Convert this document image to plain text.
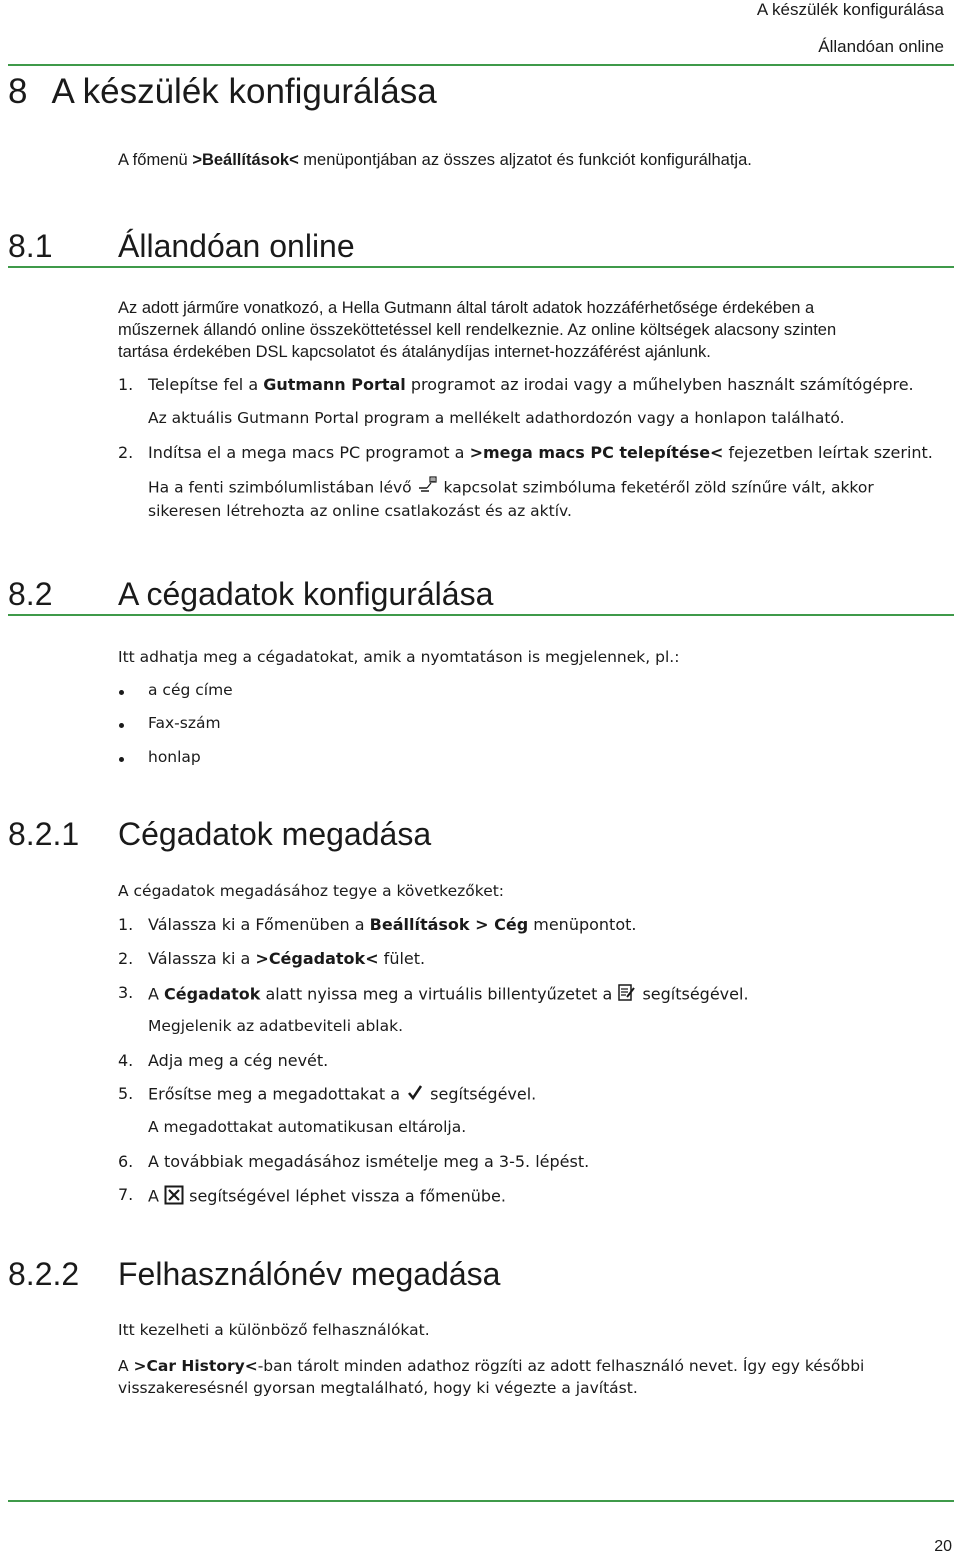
A készülék konfigurálása
Állandóan online
8 A készülék konfigurálása
A főmenü >Beállítások< menüpontjában az összes aljzatot és funkciót konfigurálhatja.
8.1 Állandóan online
Az adott járműre vonatkozó, a Hella Gutmann által tárolt adatok hozzáférhetősége érdekében a
műszernek állandó online összeköttetéssel kell rendelkeznie. Az online költségek alacsony szinten
tartása érdekében DSL kapcsolatot és átalánydíjas internet-hozzáférést ajánlunk.
1. Telepítse fel a Gutmann Portal programot az irodai vagy a műhelyben használt számítógépre.
Az aktuális Gutmann Portal program a mellékelt adathordozón vagy a honlapon található.
2. Indítsa el a mega macs PC programot a >mega macs PC telepítése< fejezetben leírtak szerint.
Ha a fenti szimbólumlistában lévő  kapcsolat szimbóluma feketéről zöld színűre vált, akkor
sikeresen létrehozta az online csatlakozást és az aktív.
8.2 A cégadatok konfigurálása
Itt adhatja meg a cégadatokat, amik a nyomtatáson is megjelennek, pl.:
a cég címe
Fax-szám
honlap
8.2.1 Cégadatok megadása
A cégadatok megadásához tegye a következőket:
1. Válassza ki a Főmenüben a Beállítások > Cég menüpontot.
2. Válassza ki a >Cégadatok< fület.
3. A Cégadatok alatt nyissa meg a virtuális billentyűzetet a  segítségével.
Megjelenik az adatbeviteli ablak.
4. Adja meg a cég nevét.
5. Erősítse meg a megadottakat a  segítségével.
A megadottakat automatikusan eltárolja.
6. A továbbiak megadásához ismételje meg a 3-5. lépést.
7. A  segítségével léphet vissza a főmenübe.
8.2.2 Felhasználónév megadása
Itt kezelheti a különböző felhasználókat.
A >Car History<-ban tárolt minden adathoz rögzíti az adott felhasználó nevet. Így egy későbbi
visszakeresésnél gyorsan megtalálható, hogy ki végezte a javítást.
20
